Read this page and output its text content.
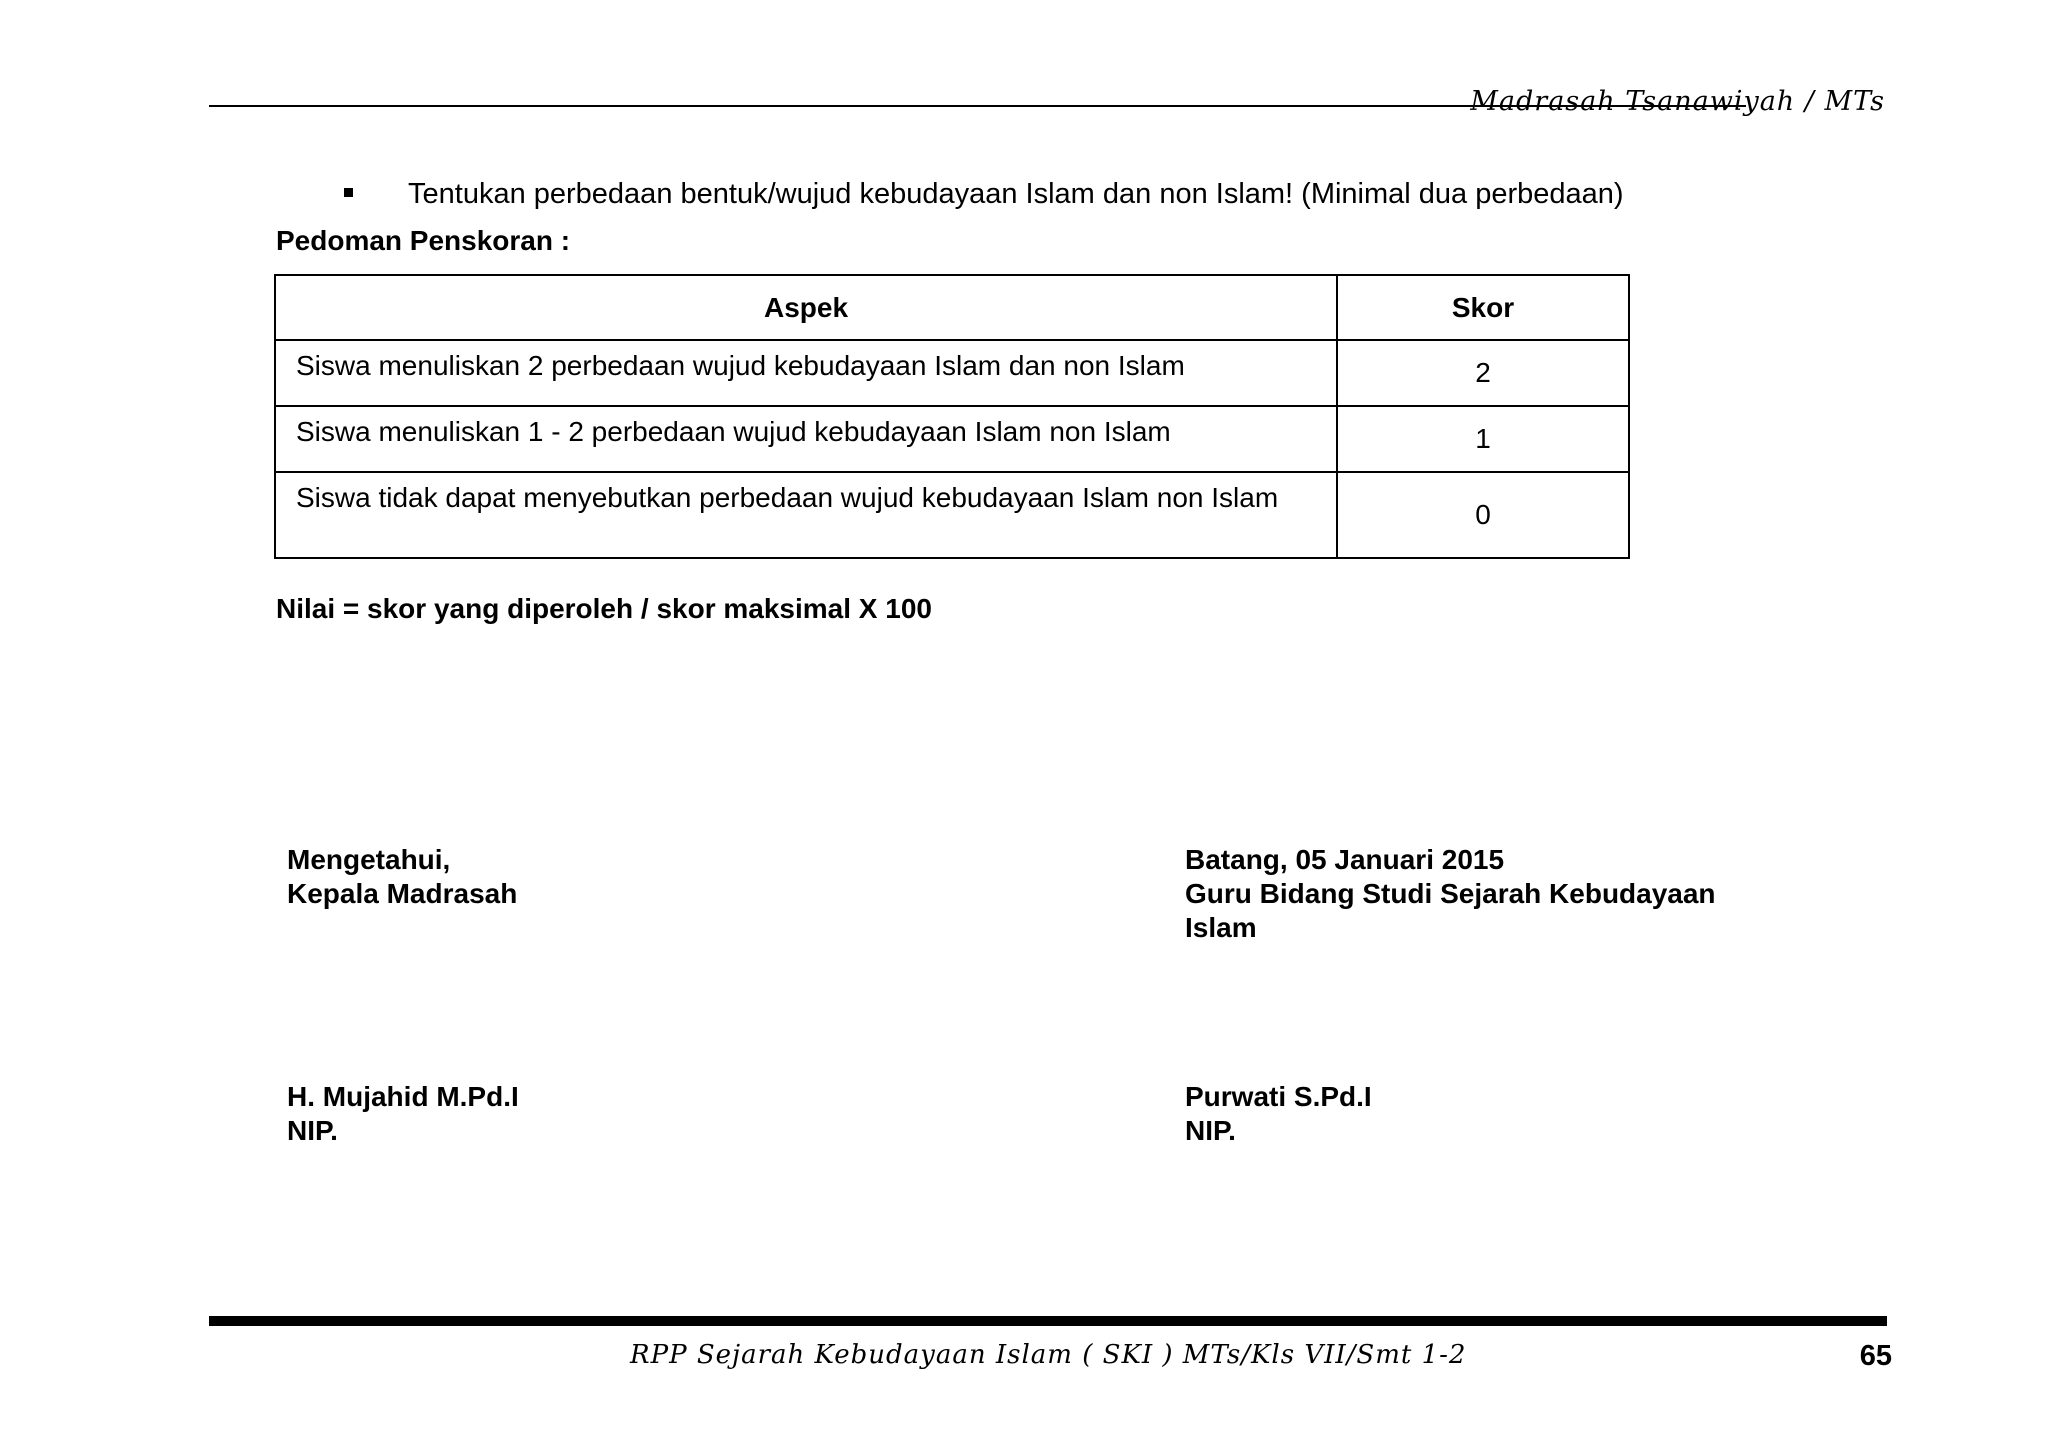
Madrasah Tsanawiyah / MTs
Tentukan perbedaan bentuk/wujud kebudayaan Islam dan non Islam! (Minimal dua perbedaan)
Pedoman Penskoran :
Aspek	Skor
Siswa menuliskan 2 perbedaan wujud kebudayaan Islam dan non Islam	2
Siswa menuliskan 1 - 2 perbedaan wujud kebudayaan Islam non Islam	1
Siswa tidak dapat menyebutkan perbedaan wujud kebudayaan Islam non Islam	0
Nilai = skor yang diperoleh / skor maksimal X 100
Mengetahui,
Kepala Madrasah
Batang, 05 Januari 2015
Guru Bidang Studi Sejarah Kebudayaan Islam
H. Mujahid M.Pd.I
NIP.
Purwati S.Pd.I
NIP.
RPP Sejarah Kebudayaan Islam ( SKI ) MTs/Kls VII/Smt 1-2	65
